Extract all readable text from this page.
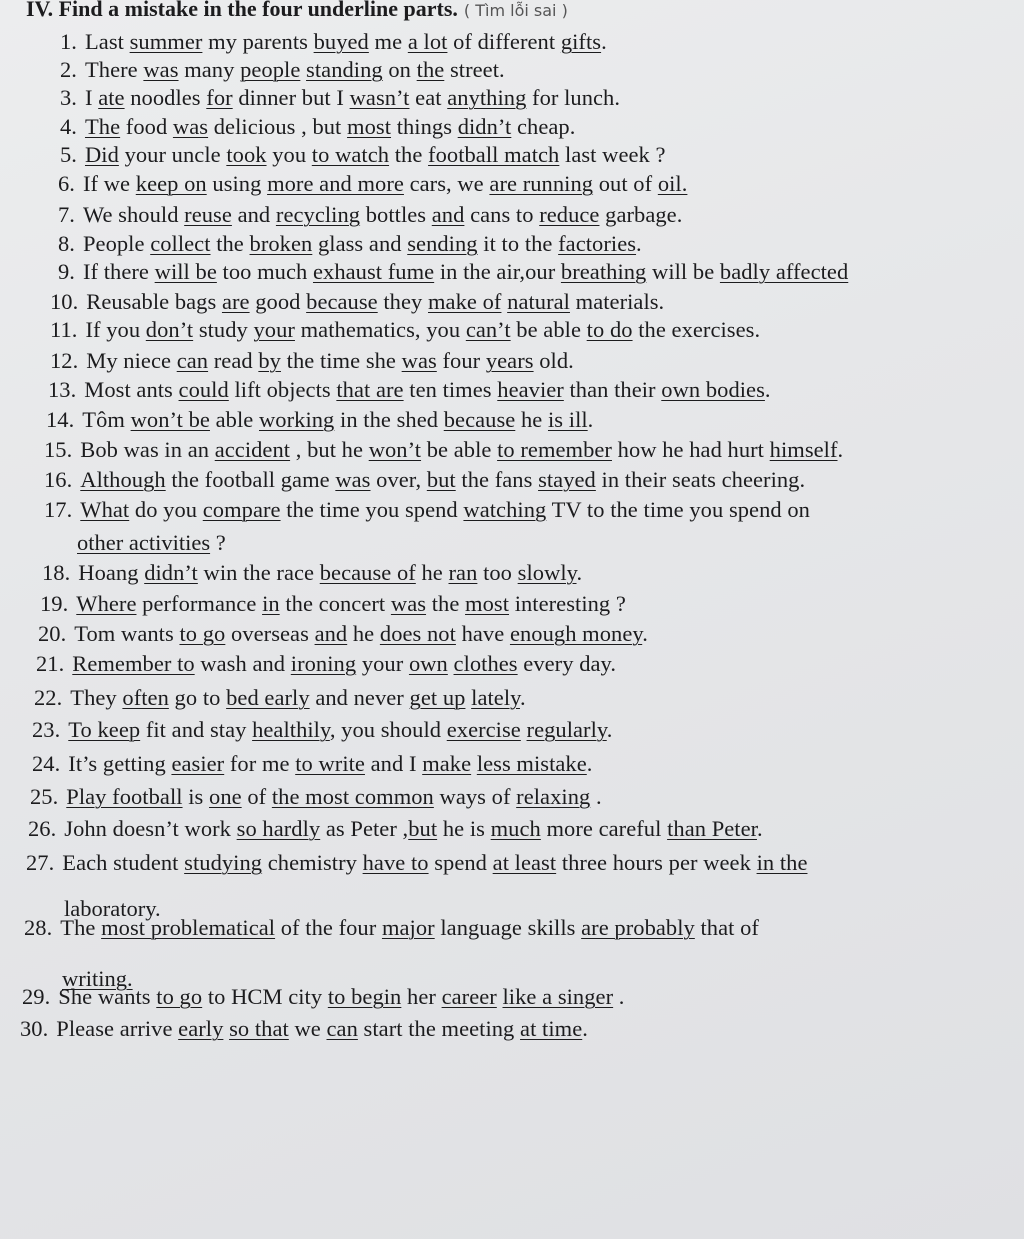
IV. Find a mistake in the four underline parts. ( Tìm lỗi sai )
1. Last summer my parents buyed me a lot of different gifts.
2. There was many people standing on the street.
3. I ate noodles for dinner but I wasn’t eat anything for lunch.
4. The food was delicious , but most things didn’t cheap.
5. Did your uncle took you to watch the football match last week ?
6. If we keep on using more and more cars, we are running out of oil.
7. We should reuse and recycling bottles and cans to reduce garbage.
8. People collect the broken glass and sending it to the factories.
9. If there will be too much exhaust fume in the air,our breathing will be badly affected
10. Reusable bags are good because they make of natural materials.
11. If you don’t study your mathematics, you can’t be able to do the exercises.
12. My niece can read by the time she was four years old.
13. Most ants could lift objects that are ten times heavier than their own bodies.
14. Tôm won’t be able working in the shed because he is ill.
15. Bob was in an accident , but he won’t be able to remember how he had hurt himself.
16. Although the football game was over, but the fans stayed in their seats cheering.
17. What do you compare the time you spend watching TV to the time you spend on
other activities ?
18. Hoang didn’t win the race because of he ran too slowly.
19. Where performance in the concert was the most interesting ?
20. Tom wants to go overseas and he does not have enough money.
21. Remember to wash and ironing your own clothes every day.
22. They often go to bed early and never get up lately.
23. To keep fit and stay healthily, you should exercise regularly.
24. It’s getting easier for me to write and I make less mistake.
25. Play football is one of the most common ways of relaxing .
26. John doesn’t work so hardly as Peter ,but he is much more careful than Peter.
27. Each student studying chemistry have to spend at least three hours per week in the
laboratory.
28. The most problematical of the four major language skills are probably that of
writing.
29. She wants to go to HCM city to begin her career like a singer .
30. Please arrive early so that we can start the meeting at time.
